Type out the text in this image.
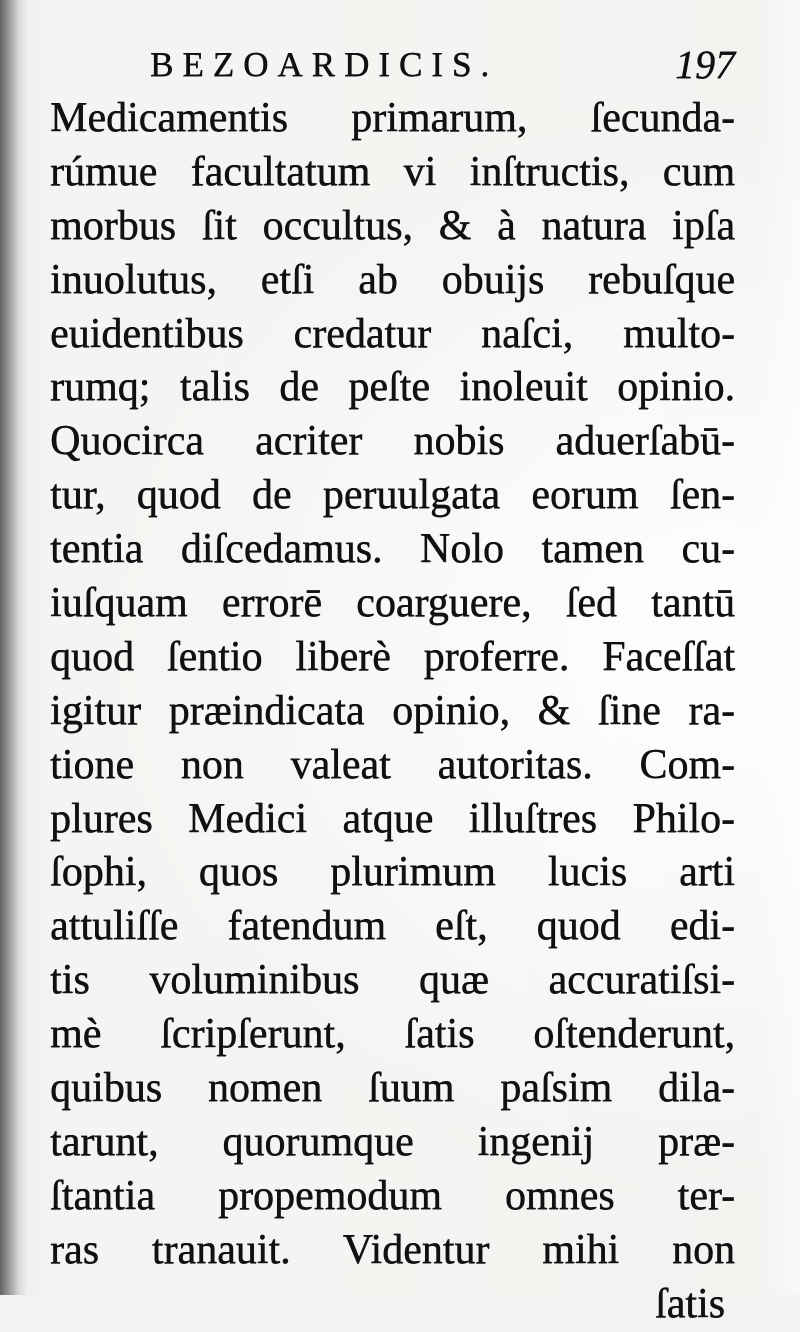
BEZOARDICIS.	197
Medicamentis primarum, ſecunda-
rúmue facultatum vi inſtructis, cum
morbus ſit occultus, & à natura ipſa
inuolutus, etſi ab obuijs rebuſque
euidentibus credatur naſci, multo-
rumq; talis de peſte inoleuit opinio.
Quocirca acriter nobis aduerſabū-
tur, quod de peruulgata eorum ſen-
tentia diſcedamus. Nolo tamen cu-
iuſquam errorē coarguere, ſed tantū
quod ſentio liberè proferre. Faceſſat
igitur præindicata opinio, & ſine ra-
tione non valeat autoritas. Com-
plures Medici atque illuſtres Philo-
ſophi, quos plurimum lucis arti
attuliſſe fatendum eſt, quod edi-
tis voluminibus quæ accuratiſsi-
mè ſcripſerunt, ſatis oſtenderunt,
quibus nomen ſuum paſsim dila-
tarunt, quorumque ingenij præ-
ſtantia propemodum omnes ter-
ras tranauit. Videntur mihi non
ſatis
